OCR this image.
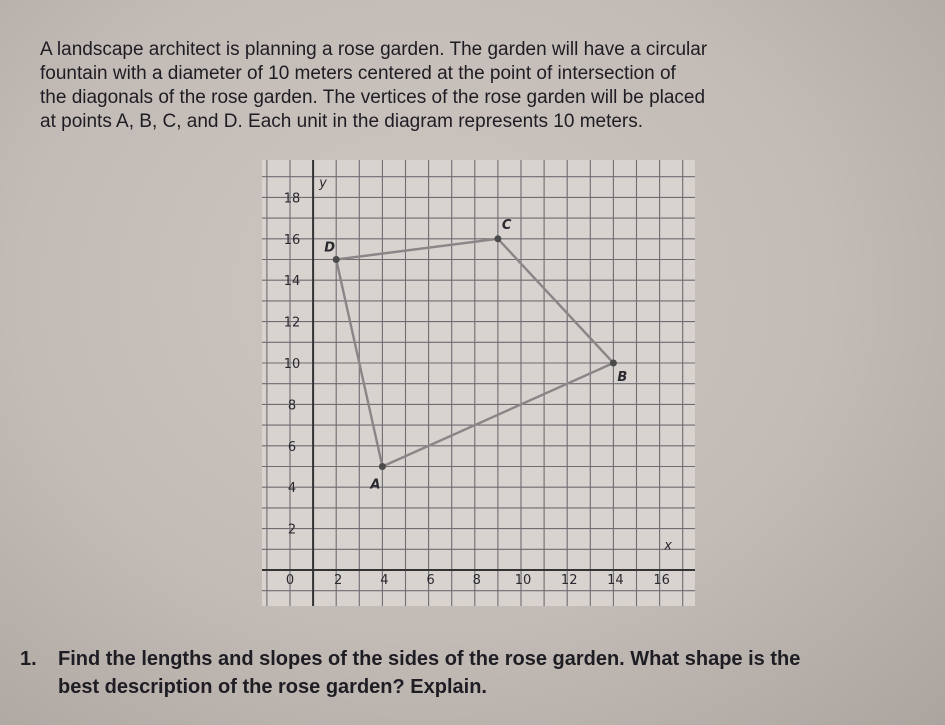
A landscape architect is planning a rose garden. The garden will have a circular
fountain with a diameter of 10 meters centered at the point of intersection of
the diagonals of the rose garden. The vertices of the rose garden will be placed
at points A, B, C, and D. Each unit in the diagram represents 10 meters.
y
x
0	2	4	6	8	10 12 14 16
2
4
6
8
10
12
14
16
18
A
B
C
D
1. Find the lengths and slopes of the sides of the rose garden. What shape is the
best description of the rose garden? Explain.
